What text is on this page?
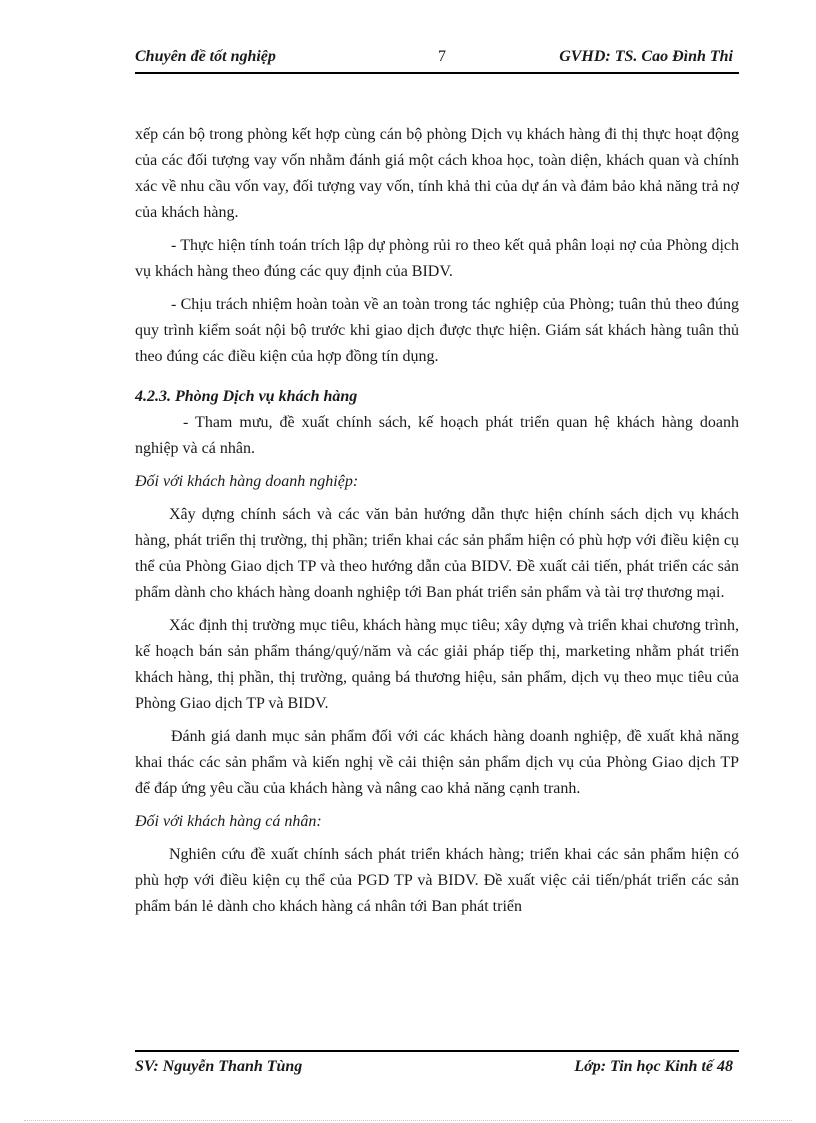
Chuyên đề tốt nghiệp	7	GVHD: TS. Cao Đình Thi

xếp cán bộ trong phòng kết hợp cùng cán bộ phòng Dịch vụ khách hàng đi thị thực hoạt động của các đối tượng vay vốn nhằm đánh giá một cách khoa học, toàn diện, khách quan và chính xác về nhu cầu vốn vay, đối tượng vay vốn, tính khả thi của dự án và đảm bảo khả năng trả nợ của khách hàng.

- Thực hiện tính toán trích lập dự phòng rủi ro theo kết quả phân loại nợ của Phòng dịch vụ khách hàng theo đúng các quy định của BIDV.

- Chịu trách nhiệm hoàn toàn về an toàn trong tác nghiệp của Phòng; tuân thủ theo đúng quy trình kiểm soát nội bộ trước khi giao dịch được thực hiện. Giám sát khách hàng tuân thủ theo đúng các điều kiện của hợp đồng tín dụng.

4.2.3. Phòng Dịch vụ khách hàng

- Tham mưu, đề xuất chính sách, kế hoạch phát triển quan hệ khách hàng doanh nghiệp và cá nhân.

Đối với khách hàng doanh nghiệp:

Xây dựng chính sách và các văn bản hướng dẫn thực hiện chính sách dịch vụ khách hàng, phát triển thị trường, thị phần; triển khai các sản phẩm hiện có phù hợp với điều kiện cụ thể của Phòng Giao dịch TP và theo hướng dẫn của BIDV. Đề xuất cải tiến, phát triển các sản phẩm dành cho khách hàng doanh nghiệp tới Ban phát triển sản phẩm và tài trợ thương mại.

Xác định thị trường mục tiêu, khách hàng mục tiêu; xây dựng và triển khai chương trình, kế hoạch bán sản phẩm tháng/quý/năm và các giải pháp tiếp thị, marketing nhằm phát triển khách hàng, thị phần, thị trường, quảng bá thương hiệu, sản phẩm, dịch vụ theo mục tiêu của Phòng Giao dịch TP và BIDV.

Đánh giá danh mục sản phẩm đối với các khách hàng doanh nghiệp, đề xuất khả năng khai thác các sản phẩm và kiến nghị về cải thiện sản phẩm dịch vụ của Phòng Giao dịch TP để đáp ứng yêu cầu của khách hàng và nâng cao khả năng cạnh tranh.

Đối với khách hàng cá nhân:

Nghiên cứu đề xuất chính sách phát triển khách hàng; triển khai các sản phẩm hiện có phù hợp với điều kiện cụ thể của PGD TP và BIDV. Đề xuất việc cải tiến/phát triển các sản phẩm bán lẻ dành cho khách hàng cá nhân tới Ban phát triển

SV: Nguyễn Thanh Tùng	Lớp: Tin học Kinh tế 48
